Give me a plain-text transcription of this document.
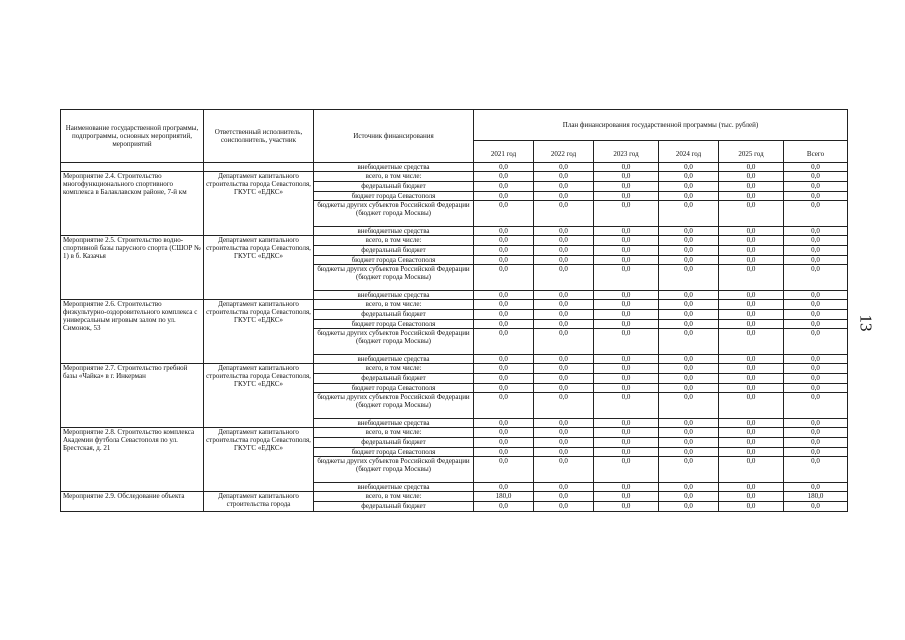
13
Наименование государственной программы, подпрограммы, основных мероприятий, мероприятий	Ответственный исполнитель, соисполнитель, участник	Источник финансирования	План финансирования государственной программы (тыс. рублей)					
			2021 год	2022 год	2023 год	2024 год	2025 год	Всего
		внебюджетные средства	0,0	0,0	0,0	0,0	0,0	0,0
Мероприятие 2.4. Строительство многофункционального спортивного комплекса в Балаклавском районе, 7-й км	Департамент капитального строительства города Севастополя, ГКУГС «ЕДКС»	всего, в том числе:	0,0	0,0	0,0	0,0	0,0	0,0
		федеральный бюджет	0,0	0,0	0,0	0,0	0,0	0,0
		бюджет города Севастополя	0,0	0,0	0,0	0,0	0,0	0,0
		бюджеты других субъектов Российской Федерации (бюджет города Москвы)	0,0	0,0	0,0	0,0	0,0	0,0
		внебюджетные средства	0,0	0,0	0,0	0,0	0,0	0,0
Мероприятие 2.5. Строительство водно-спортивной базы парусного спорта (СШОР № 1) в б. Казачья	Департамент капитального строительства города Севастополя, ГКУГС «ЕДКС»	всего, в том числе:	0,0	0,0	0,0	0,0	0,0	0,0
		федеральный бюджет	0,0	0,0	0,0	0,0	0,0	0,0
		бюджет города Севастополя	0,0	0,0	0,0	0,0	0,0	0,0
		бюджеты других субъектов Российской Федерации (бюджет города Москвы)	0,0	0,0	0,0	0,0	0,0	0,0
		внебюджетные средства	0,0	0,0	0,0	0,0	0,0	0,0
Мероприятие 2.6. Строительство физкультурно-оздоровительного комплекса с универсальным игровым залом по ул. Симонок, 53	Департамент капитального строительства города Севастополя, ГКУГС «ЕДКС»	всего, в том числе:	0,0	0,0	0,0	0,0	0,0	0,0
		федеральный бюджет	0,0	0,0	0,0	0,0	0,0	0,0
		бюджет города Севастополя	0,0	0,0	0,0	0,0	0,0	0,0
		бюджеты других субъектов Российской Федерации (бюджет города Москвы)	0,0	0,0	0,0	0,0	0,0	0,0
		внебюджетные средства	0,0	0,0	0,0	0,0	0,0	0,0
Мероприятие 2.7. Строительство гребной базы «Чайка» в г. Инкерман	Департамент капитального строительства города Севастополя, ГКУГС «ЕДКС»	всего, в том числе:	0,0	0,0	0,0	0,0	0,0	0,0
		федеральный бюджет	0,0	0,0	0,0	0,0	0,0	0,0
		бюджет города Севастополя	0,0	0,0	0,0	0,0	0,0	0,0
		бюджеты других субъектов Российской Федерации (бюджет города Москвы)	0,0	0,0	0,0	0,0	0,0	0,0
		внебюджетные средства	0,0	0,0	0,0	0,0	0,0	0,0
Мероприятие 2.8. Строительство комплекса Академии футбола Севастополя по ул. Брестская, д. 21	Департамент капитального строительства города Севастополя, ГКУГС «ЕДКС»	всего, в том числе:	0,0	0,0	0,0	0,0	0,0	0,0
		федеральный бюджет	0,0	0,0	0,0	0,0	0,0	0,0
		бюджет города Севастополя	0,0	0,0	0,0	0,0	0,0	0,0
		бюджеты других субъектов Российской Федерации (бюджет города Москвы)	0,0	0,0	0,0	0,0	0,0	0,0
		внебюджетные средства	0,0	0,0	0,0	0,0	0,0	0,0
Мероприятие 2.9. Обследование объекта	Департамент капитального строительства города	всего, в том числе:	180,0	0,0	0,0	0,0	0,0	180,0
		федеральный бюджет	0,0	0,0	0,0	0,0	0,0	0,0
